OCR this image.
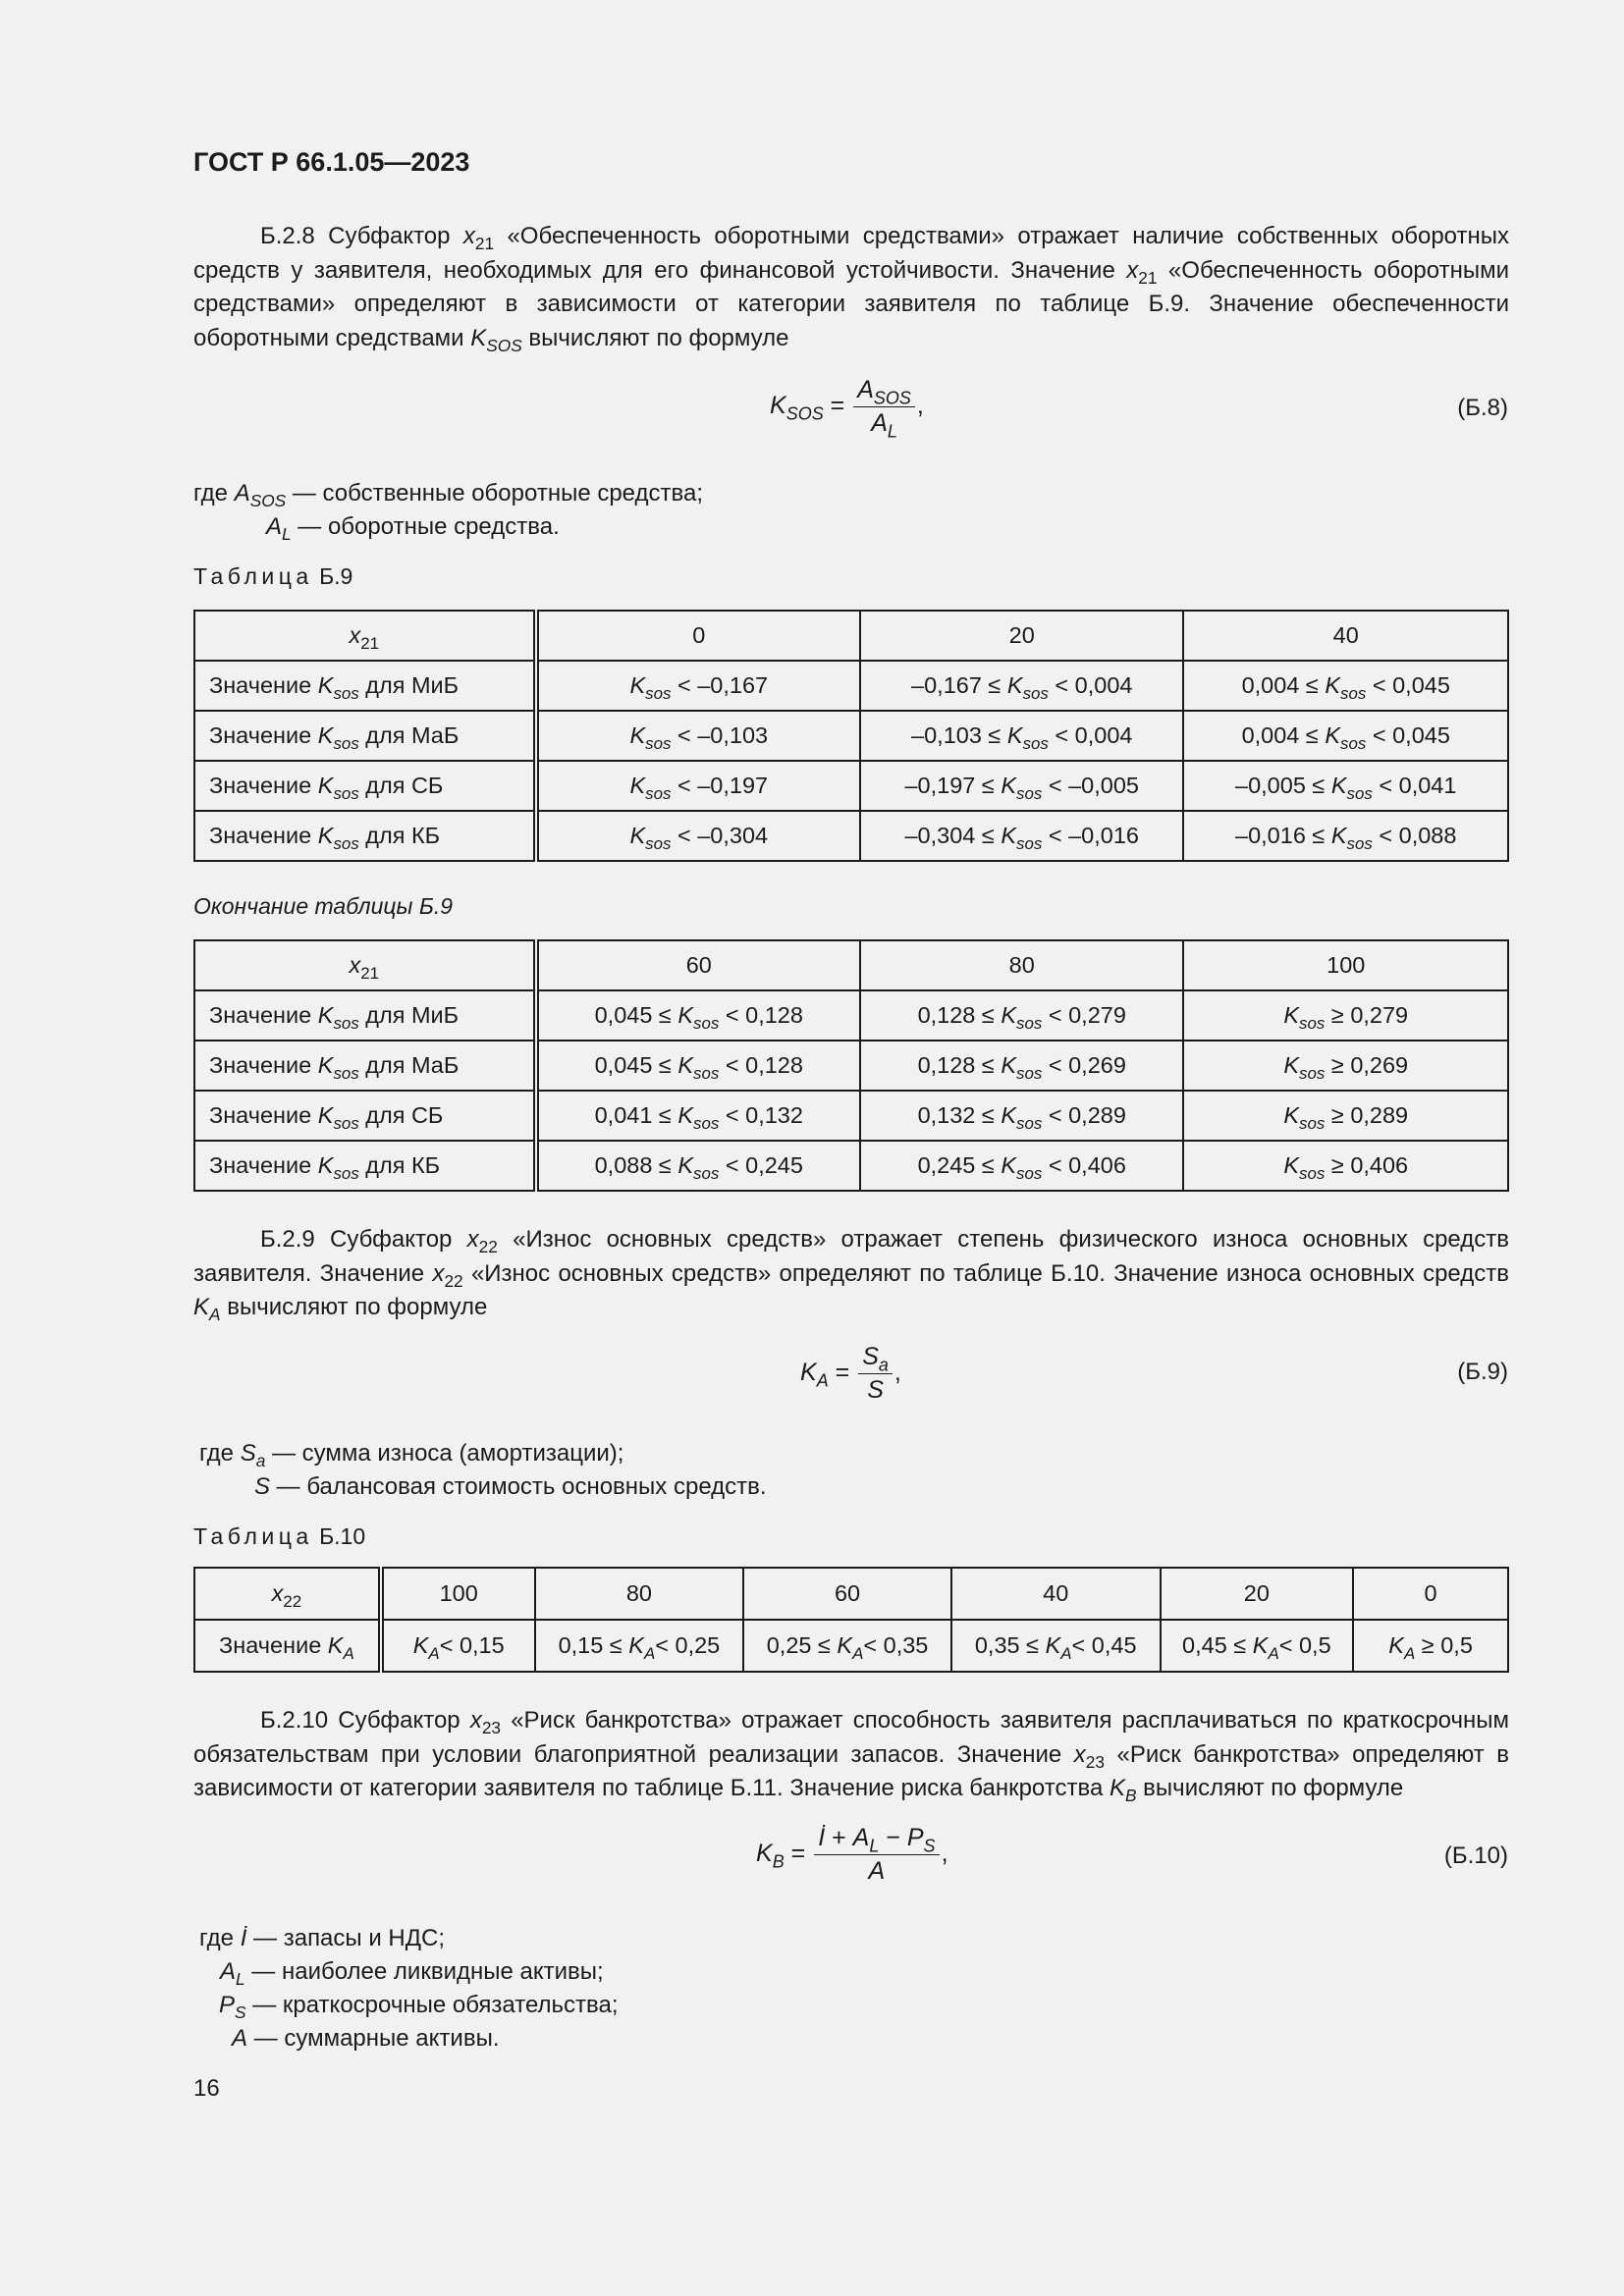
ГОСТ Р 66.1.05—2023
Б.2.8 Субфактор $x_{21}$ «Обеспеченность оборотными средствами» отражает наличие собственных оборотных средств у заявителя, необходимых для его финансовой устойчивости. Значение $x_{21}$ «Обеспеченность оборотными средствами» определяют в зависимости от категории заявителя по таблице Б.9. Значение обеспеченности оборотными средствами $K_{SOS}$ вычисляют по формуле
$K_{SOS} = \frac{A_{SOS}}{A_L}$ ,	(Б.8)
где $A_{SOS}$ — собственные оборотные средства;
$A_L$ — оборотные средства.
Таблица Б.9
$x_{21}$	0	20	40
Значение $K_{sos}$ для МиБ	$K_{sos} < -0,167$	$-0,167 \le K_{sos} < 0,004$	$0,004 \le K_{sos} < 0,045$
Значение $K_{sos}$ для МаБ	$K_{sos} < -0,103$	$-0,103 \le K_{sos} < 0,004$	$0,004 \le K_{sos} < 0,045$
Значение $K_{sos}$ для СБ	$K_{sos} < -0,197$	$-0,197 \le K_{sos} < -0,005$	$-0,005 \le K_{sos} < 0,041$
Значение $K_{sos}$ для КБ	$K_{sos} < -0,304$	$-0,304 \le K_{sos} < -0,016$	$-0,016 \le K_{sos} < 0,088$
Окончание таблицы Б.9
$x_{21}$	60	80	100
Значение $K_{sos}$ для МиБ	$0,045 \le K_{sos} < 0,128$	$0,128 \le K_{sos} < 0,279$	$K_{sos} \ge 0,279$
Значение $K_{sos}$ для МаБ	$0,045 \le K_{sos} < 0,128$	$0,128 \le K_{sos} < 0,269$	$K_{sos} \ge 0,269$
Значение $K_{sos}$ для СБ	$0,041 \le K_{sos} < 0,132$	$0,132 \le K_{sos} < 0,289$	$K_{sos} \ge 0,289$
Значение $K_{sos}$ для КБ	$0,088 \le K_{sos} < 0,245$	$0,245 \le K_{sos} < 0,406$	$K_{sos} \ge 0,406$
Б.2.9 Субфактор $x_{22}$ «Износ основных средств» отражает степень физического износа основных средств заявителя. Значение $x_{22}$ «Износ основных средств» определяют по таблице Б.10. Значение износа основных средств $K_A$ вычисляют по формуле
$K_A = \frac{S_a}{S}$ ,	(Б.9)
где $S_a$ — сумма износа (амортизации);
S — балансовая стоимость основных средств.
Таблица Б.10
$x_{22}$	100	80	60	40	20	0
Значение $K_A$	$K_A< 0,15$	$0,15 \le K_A< 0,25$	$0,25 \le K_A< 0,35$	$0,35 \le K_A< 0,45$	$0,45 \le K_A< 0,5$	$K_A \ge 0,5$
Б.2.10 Субфактор $x_{23}$ «Риск банкротства» отражает способность заявителя расплачиваться по краткосрочным обязательствам при условии благоприятной реализации запасов. Значение $x_{23}$ «Риск банкротства» определяют в зависимости от категории заявителя по таблице Б.11. Значение риска банкротства $K_B$ вычисляют по формуле
$K_B = \frac{İ + A_L - P_S}{A}$ ,	(Б.10)
где İ — запасы и НДС;
$A_L$ — наиболее ликвидные активы;
$P_S$ — краткосрочные обязательства;
A — суммарные активы.
16
